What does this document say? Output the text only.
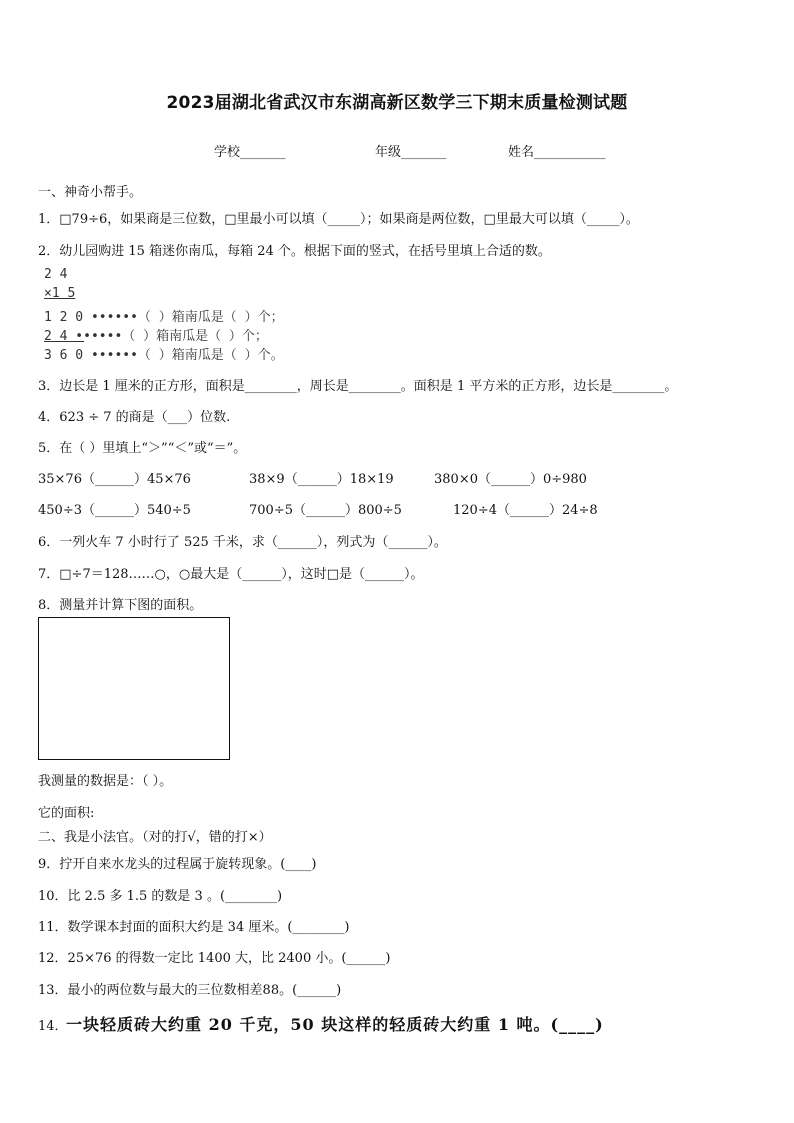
2023届湖北省武汉市东湖高新区数学三下期末质量检测试题
学校_______	年级_______	姓名___________
一、神奇小帮手。
1．□79÷6，如果商是三位数，□里最小可以填（_____）；如果商是两位数，□里最大可以填（_____）。
2．幼儿园购进 15 箱迷你南瓜，每箱 24 个。根据下面的竖式，在括号里填上合适的数。
2 4
×1 5
1 2 0 ••••••（ ）箱南瓜是（ ）个；
2 4 ••••••（ ）箱南瓜是（ ）个；
3 6 0 ••••••（ ）箱南瓜是（ ）个。
3．边长是 1 厘米的正方形，面积是________，周长是________。面积是 1 平方米的正方形，边长是________。
4．623 ÷ 7 的商是（___）位数.
5．在（ ）里填上“＞”“＜”或“＝”。
35×76（______）45×76	38×9（______）18×19	380×0（______）0÷980
450÷3（______）540÷5	700÷5（______）800÷5	120÷4（______）24÷8
6．一列火车 7 小时行了 525 千米，求（______），列式为（______）。
7．□÷7＝128……○，○最大是（______），这时□是（______）。
8．测量并计算下图的面积。
我测量的数据是：（ ）。
它的面积:
二、我是小法官。（对的打√，错的打×）
9．拧开自来水龙头的过程属于旋转现象。(____)
10．比 2.5 多 1.5 的数是 3 。(________)
11．数学课本封面的面积大约是 34 厘米。(________)
12．25×76 的得数一定比 1400 大，比 2400 小。(______)
13．最小的两位数与最大的三位数相差88。(______)
14．
一块轻质砖大约重 20 千克，50 块这样的轻质砖大约重 1 吨。(____)
